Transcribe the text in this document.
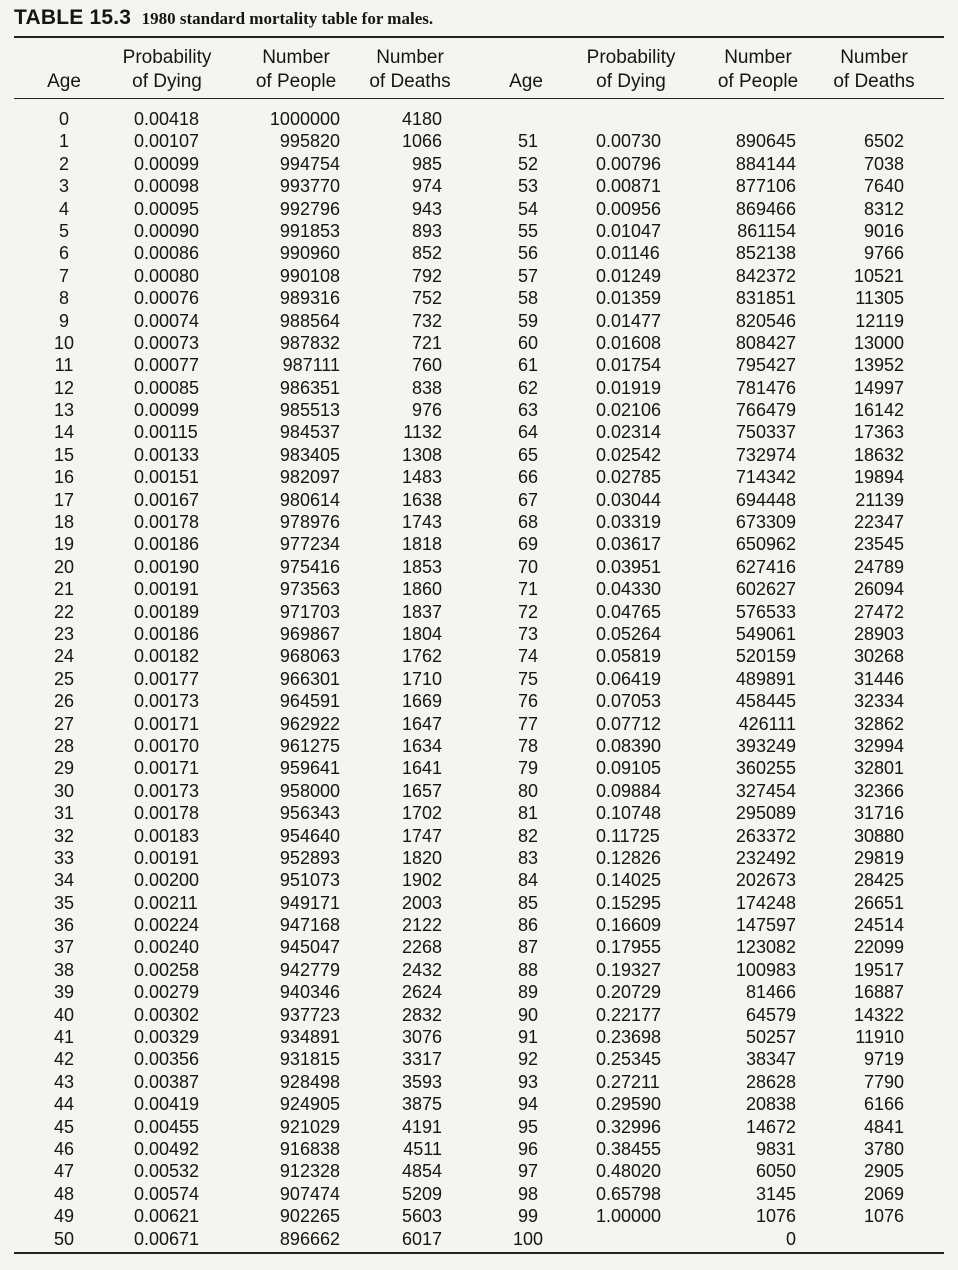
TABLE 15.3 1980 standard mortality table for males.
Age
Probability
of Dying
Number
of People
Number
of Deaths	Age
Probability
of Dying
Number
of People
Number
of Deaths
0
1
2
3
4
5
6
7
8
9
10
11
12
13
14
15
16
17
18
19
20
21
22
23
24
25
26
27
28
29
30
31
32
33
34
35
36
37
38
39
40
41
42
43
44
45
46
47
48
49
50
0.00418
0.00107
0.00099
0.00098
0.00095
0.00090
0.00086
0.00080
0.00076
0.00074
0.00073
0.00077
0.00085
0.00099
0.00115
0.00133
0.00151
0.00167
0.00178
0.00186
0.00190
0.00191
0.00189
0.00186
0.00182
0.00177
0.00173
0.00171
0.00170
0.00171
0.00173
0.00178
0.00183
0.00191
0.00200
0.00211
0.00224
0.00240
0.00258
0.00279
0.00302
0.00329
0.00356
0.00387
0.00419
0.00455
0.00492
0.00532
0.00574
0.00621
0.00671
1000000
995820
994754
993770
992796
991853
990960
990108
989316
988564
987832
987111
986351
985513
984537
983405
982097
980614
978976
977234
975416
973563
971703
969867
968063
966301
964591
962922
961275
959641
958000
956343
954640
952893
951073
949171
947168
945047
942779
940346
937723
934891
931815
928498
924905
921029
916838
912328
907474
902265
896662
4180
1066
985
974
943
893
852
792
752
732
721
760
838
976
1132
1308
1483
1638
1743
1818
1853
1860
1837
1804
1762
1710
1669
1647
1634
1641
1657
1702
1747
1820
1902
2003
2122
2268
2432
2624
2832
3076
3317
3593
3875
4191
4511
4854
5209
5603
6017
51
52
53
54
55
56
57
58
59
60
61
62
63
64
65
66
67
68
69
70
71
72
73
74
75
76
77
78
79
80
81
82
83
84
85
86
87
88
89
90
91
92
93
94
95
96
97
98
99
100
0.00730
0.00796
0.00871
0.00956
0.01047
0.01146
0.01249
0.01359
0.01477
0.01608
0.01754
0.01919
0.02106
0.02314
0.02542
0.02785
0.03044
0.03319
0.03617
0.03951
0.04330
0.04765
0.05264
0.05819
0.06419
0.07053
0.07712
0.08390
0.09105
0.09884
0.10748
0.11725
0.12826
0.14025
0.15295
0.16609
0.17955
0.19327
0.20729
0.22177
0.23698
0.25345
0.27211
0.29590
0.32996
0.38455
0.48020
0.65798
1.00000
890645
884144
877106
869466
861154
852138
842372
831851
820546
808427
795427
781476
766479
750337
732974
714342
694448
673309
650962
627416
602627
576533
549061
520159
489891
458445
426111
393249
360255
327454
295089
263372
232492
202673
174248
147597
123082
100983
81466
64579
50257
38347
28628
20838
14672
9831
6050
3145
1076
0
6502
7038
7640
8312
9016
9766
10521
11305
12119
13000
13952
14997
16142
17363
18632
19894
21139
22347
23545
24789
26094
27472
28903
30268
31446
32334
32862
32994
32801
32366
31716
30880
29819
28425
26651
24514
22099
19517
16887
14322
11910
9719
7790
6166
4841
3780
2905
2069
1076
